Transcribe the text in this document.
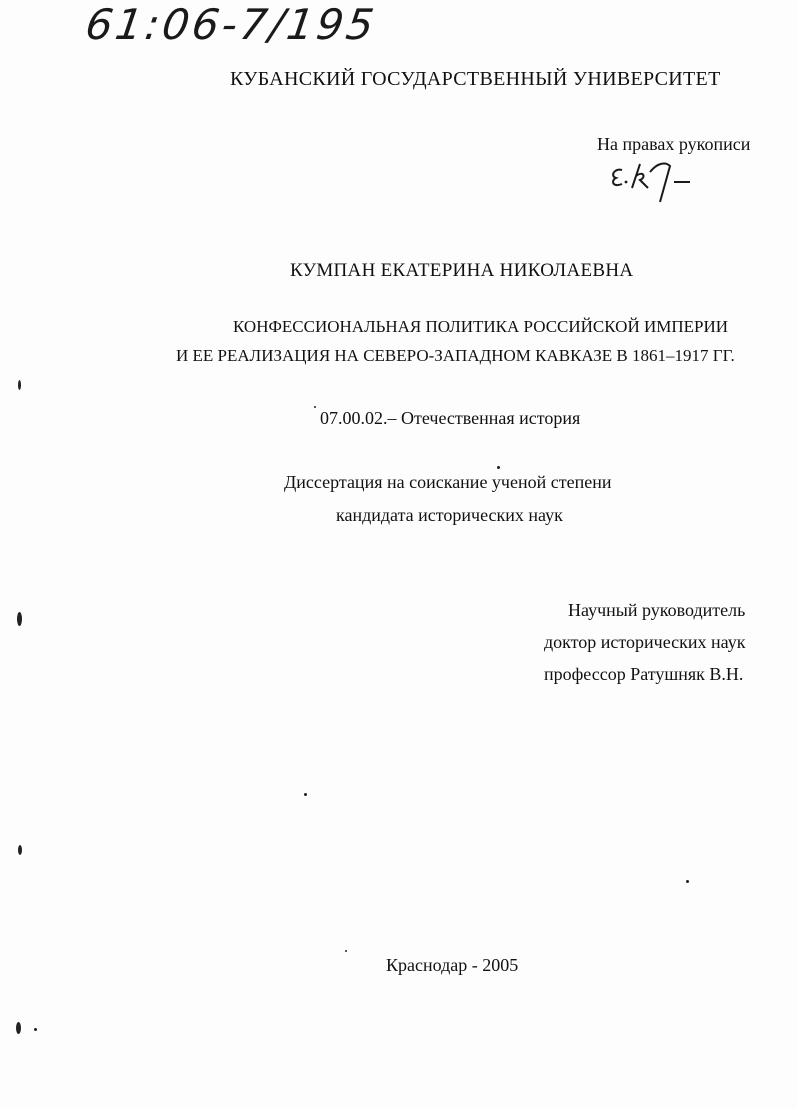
61:06-7/195
КУБАНСКИЙ ГОСУДАРСТВЕННЫЙ УНИВЕРСИТЕТ
На правах рукописи
КУМПАН ЕКАТЕРИНА НИКОЛАЕВНА
КОНФЕССИОНАЛЬНАЯ ПОЛИТИКА РОССИЙСКОЙ ИМПЕРИИ
И ЕЕ РЕАЛИЗАЦИЯ НА СЕВЕРО-ЗАПАДНОМ КАВКАЗЕ В 1861–1917 ГГ.
07.00.02.– Отечественная история
Диссертация на соискание ученой степени
кандидата исторических наук
Научный руководитель
доктор исторических наук
профессор Ратушняк В.Н.
Краснодар - 2005
